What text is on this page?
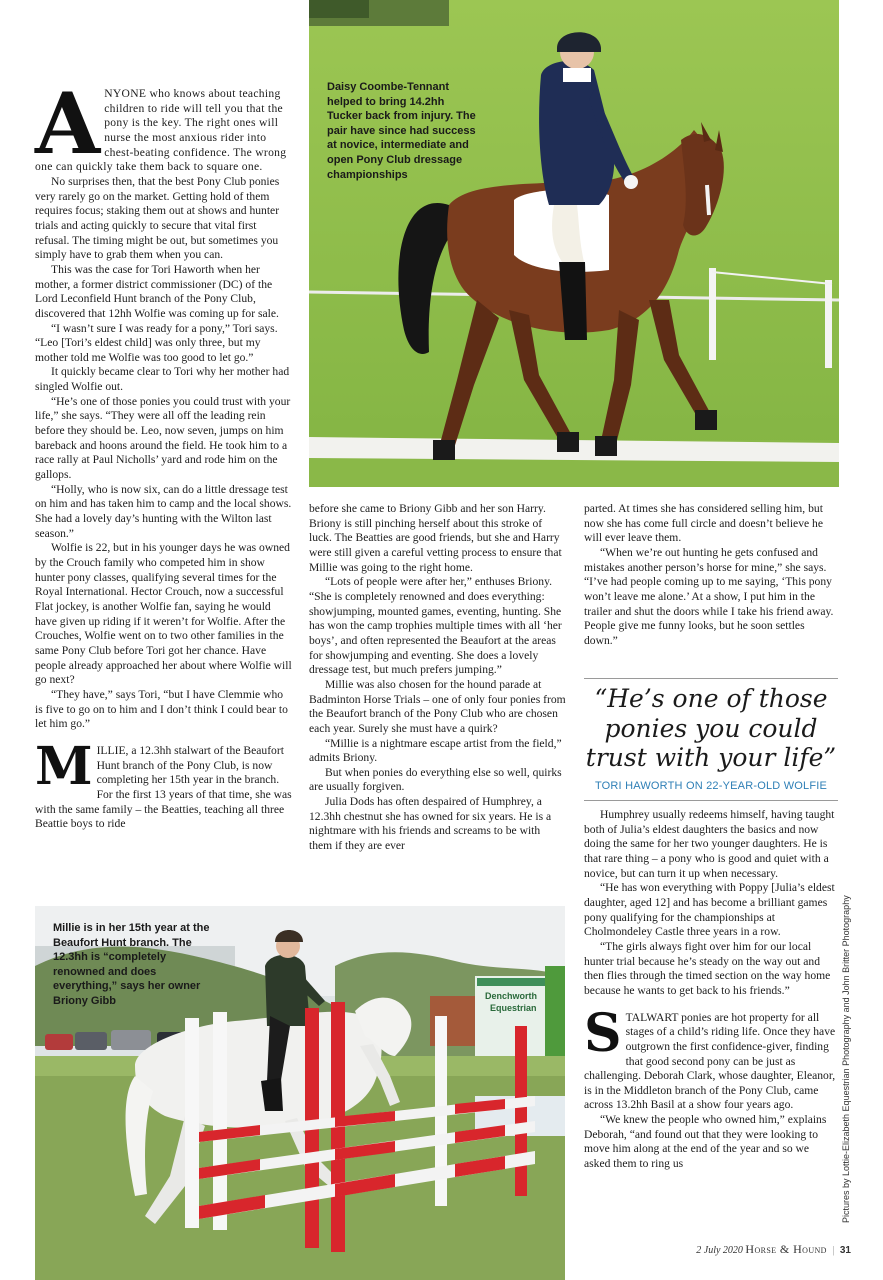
Daisy Coombe-Tennant helped to bring 14.2hh Tucker back from injury. The pair have since had success at novice, intermediate and open Pony Club dressage championships
Denchworth
Equestrian
Millie is in her 15th year at the Beaufort Hunt branch. The 12.3hh is “completely renowned and does everything,” says her owner Briony Gibb

ANYONE who knows about teaching children to ride will tell you that the pony is the key. The right ones will nurse the most anxious rider into chest-beating confidence. The wrong one can quickly take them back to square one.

No surprises then, that the best Pony Club ponies very rarely go on the market. Getting hold of them requires focus; staking them out at shows and hunter trials and acting quickly to secure that vital first refusal. The timing might be out, but sometimes you simply have to grab them when you can.

This was the case for Tori Haworth when her mother, a former district commissioner (DC) of the Lord Leconfield Hunt branch of the Pony Club, discovered that 12hh Wolfie was coming up for sale.

“I wasn’t sure I was ready for a pony,” Tori says. “Leo [Tori’s eldest child] was only three, but my mother told me Wolfie was too good to let go.”

It quickly became clear to Tori why her mother had singled Wolfie out.

“He’s one of those ponies you could trust with your life,” she says. “They were all off the leading rein before they should be. Leo, now seven, jumps on him bareback and hoons around the field. He took him to a race rally at Paul Nicholls’ yard and rode him on the gallops.

“Holly, who is now six, can do a little dressage test on him and has taken him to camp and the local shows. She had a lovely day’s hunting with the Wilton last season.”

Wolfie is 22, but in his younger days he was owned by the Crouch family who competed him in show hunter pony classes, qualifying several times for the Royal International. Hector Crouch, now a successful Flat jockey, is another Wolfie fan, saying he would have given up riding if it weren’t for Wolfie. After the Crouches, Wolfie went on to two other families in the same Pony Club before Tori got her chance. Have people already approached her about where Wolfie will go next?

“They have,” says Tori, “but I have Clemmie who is five to go on to him and I don’t think I could bear to let him go.”

MILLIE, a 12.3hh stalwart of the Beaufort Hunt branch of the Pony Club, is now completing her 15th year in the branch. For the first 13 years of that time, she was with the same family – the Beatties, teaching all three Beattie boys to ride

before she came to Briony Gibb and her son Harry. Briony is still pinching herself about this stroke of luck. The Beatties are good friends, but she and Harry were still given a careful vetting process to ensure that Millie was going to the right home.

“Lots of people were after her,” enthuses Briony. “She is completely renowned and does everything: showjumping, mounted games, eventing, hunting. She has won the camp trophies multiple times with all ‘her boys’, and often represented the Beaufort at the areas for showjumping and eventing. She does a lovely dressage test, but much prefers jumping.”

Millie was also chosen for the hound parade at Badminton Horse Trials – one of only four ponies from the Beaufort branch of the Pony Club who are chosen each year. Surely she must have a quirk?

“Millie is a nightmare escape artist from the field,” admits Briony.

But when ponies do everything else so well, quirks are usually forgiven.

Julia Dods has often despaired of Humphrey, a 12.3hh chestnut she has owned for six years. He is a nightmare with his friends and screams to be with them if they are ever

parted. At times she has considered selling him, but now she has come full circle and doesn’t believe he will ever leave them.

“When we’re out hunting he gets confused and mistakes another person’s horse for mine,” she says. “I’ve had people coming up to me saying, ‘This pony won’t leave me alone.’ At a show, I put him in the trailer and shut the doors while I take his friend away. People give me funny looks, but he soon settles down.”

“He’s one of those ponies you could trust with your life”
TORI HAWORTH ON 22-YEAR-OLD WOLFIE

Humphrey usually redeems himself, having taught both of Julia’s eldest daughters the basics and now doing the same for her two younger daughters. He is that rare thing – a pony who is good and quiet with a novice, but can turn it up when necessary.

“He has won everything with Poppy [Julia’s eldest daughter, aged 12] and has become a brilliant games pony qualifying for the championships at Cholmondeley Castle three years in a row.

“The girls always fight over him for our local hunter trial because he’s steady on the way out and then flies through the timed section on the way home because he wants to get back to his friends.”

STALWART ponies are hot property for all stages of a child’s riding life. Once they have outgrown the first confidence-giver, finding that good second pony can be just as challenging. Deborah Clark, whose daughter, Eleanor, is in the Middleton branch of the Pony Club, came across 13.2hh Basil at a show four years ago.

“We knew the people who owned him,” explains Deborah, “and found out that they were looking to move him along at the end of the year and so we asked them to ring us	Pictures by Lottie-Elizabeth Equestrian Photography and John Britter Photography
2 July 2020 Horse & Hound | 31
